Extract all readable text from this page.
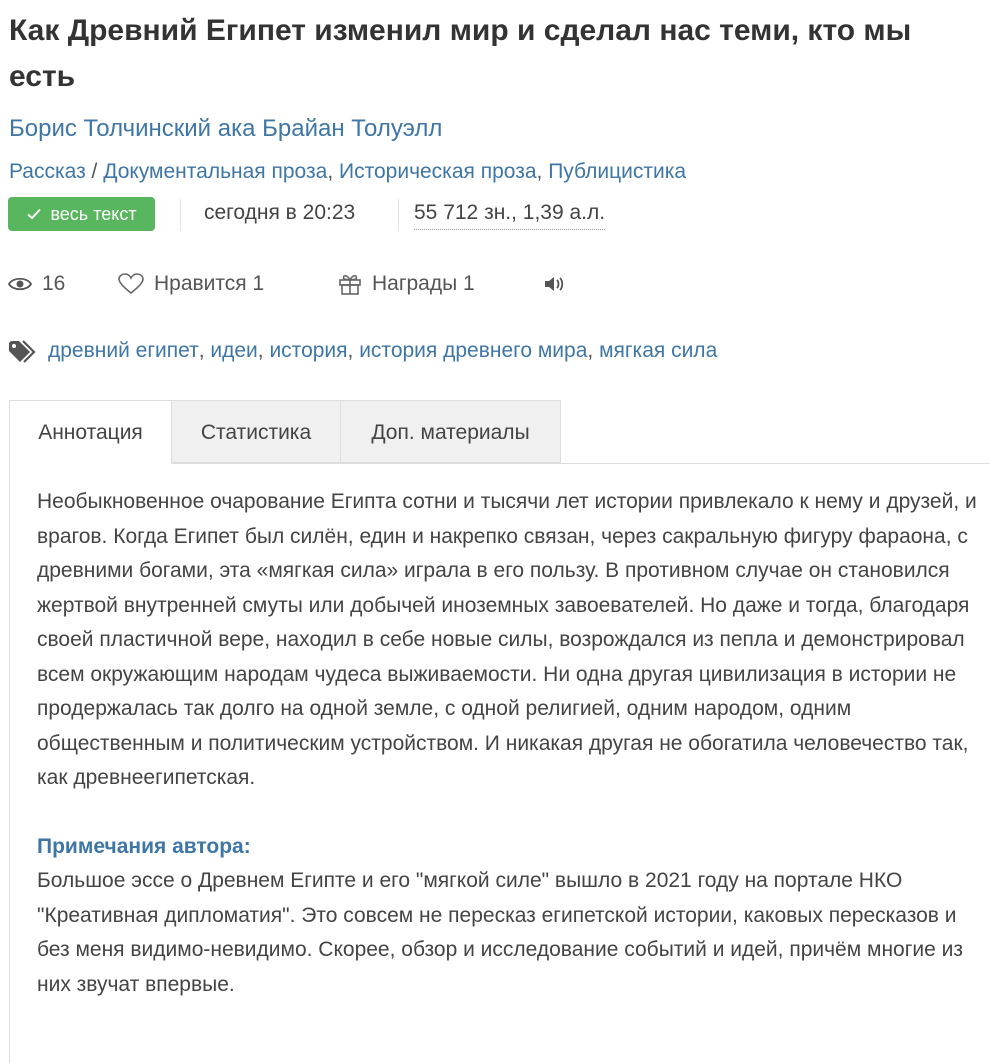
Как Древний Египет изменил мир и сделал нас теми, кто мы есть
Борис Толчинский ака Брайан Толуэлл
Рассказ / Документальная проза, Историческая проза, Публицистика
весь текст	сегодня в 20:23	55 712 зн., 1,39 а.л.
16	Нравится 1	Награды 1
древний египет , идеи , история , история древнего мира , мягкая сила
Аннотация	Статистика	Доп. материалы

Необыкновенное очарование Египта сотни и тысячи лет истории привлекало к нему и друзей, и врагов. Когда Египет был силён, един и накрепко связан, через сакральную фигуру фараона, с древними богами, эта «мягкая сила» играла в его пользу. В противном случае он становился жертвой внутренней смуты или добычей иноземных завоевателей. Но даже и тогда, благодаря своей пластичной вере, находил в себе новые силы, возрождался из пепла и демонстрировал всем окружающим народам чудеса выживаемости. Ни одна другая цивилизация в истории не продержалась так долго на одной земле, с одной религией, одним народом, одним общественным и политическим устройством. И никакая другая не обогатила человечество так, как древнеегипетская.

Примечания автора:

Большое эссе о Древнем Египте и его "мягкой силе" вышло в 2021 году на портале НКО "Креативная дипломатия". Это совсем не пересказ египетской истории, каковых пересказов и без меня видимо-невидимо. Скорее, обзор и исследование событий и идей, причём многие из них звучат впервые.
